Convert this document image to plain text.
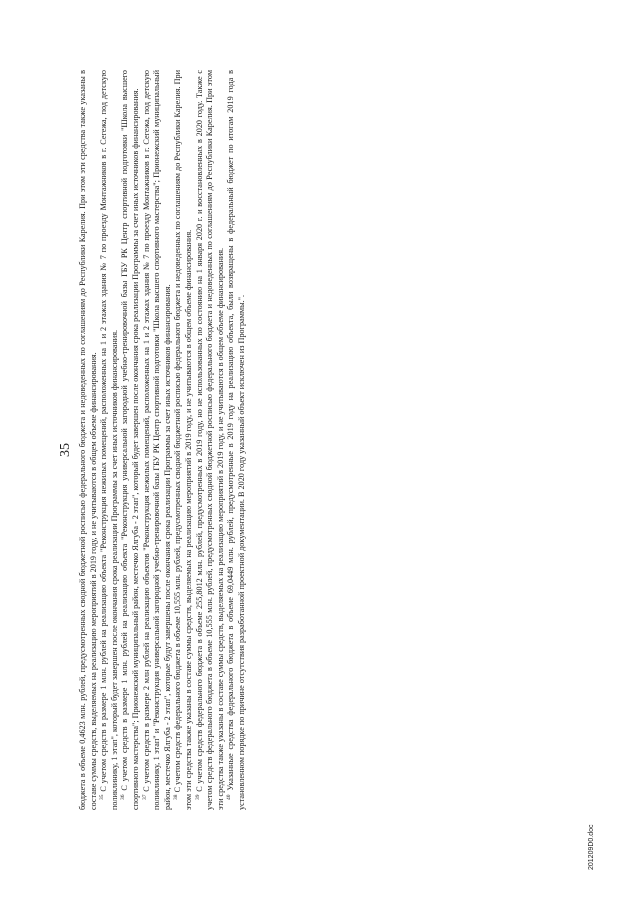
35 бюджета в объеме 0,4623 млн. рублей, предусмотренных сводной бюджетной росписью федерального бюджета и недоведенных по соглашениям до Республики Карелия. При этом эти средства также указаны в составе суммы средств, выделяемых на реализацию мероприятий в 2019 году, и не учитываются в общем объеме финансирования. $^{35}$ С учетом средств в размере 1 млн. рублей на реализацию объекта "Реконструкция нежилых помещений, расположенных на 1 и 2 этажах здания № 7 по проезду Монтажников в г. Сегежа, под детскую поликлинику, 1 этап", который будет завершен после окончания срока реализации Программы за счет иных источников финансирования. $^{36}$ С учетом средств в размере 1 млн. рублей на реализацию объекта "Реконструкция универсальной загородной учебно-тренировочной базы ГБУ РК Центр спортивной подготовки "Школа высшего спортивного мастерства"; Прионежский муниципальный район, местечко Ялгуба - 2 этап", который будет завершен после окончания срока реализации Программы за счет иных источников финансирования. $^{37}$ С учетом средств в размере 2 млн рублей на реализацию объектов "Реконструкция нежилых помещений, расположенных на 1 и 2 этажах здания № 7 по проезду Монтажников в г. Сегежа, под детскую поликлинику, 1 этап" и "Реконструкция универсальной загородной учебно-тренировочной базы ГБУ РК Центр спортивной подготовки "Школа высшего спортивного мастерства"; Прионежский муниципальный район, местечко Ялгуба - 2 этап", которые будут завершены после окончания срока реализации Программы за счет иных источников финансирования. $^{38}$ С учетом средств федерального бюджета в объеме 10,555 млн. рублей, предусмотренных сводной бюджетной росписью федерального бюджета и недоведенных по соглашениям до Республики Карелия. При этом эти средства также указаны в составе суммы средств, выделяемых на реализацию мероприятий в 2019 году, и не учитываются в общем объеме финансирования. $^{39}$ С учетом средств федерального бюджета в объеме 255,8012 млн. рублей, предусмотренных в 2019 году, но не использованных по состоянию на 1 января 2020 г. и восстановленных в 2020 году. Также с учетом средств федерального бюджета в объеме 10,555 млн. рублей, предусмотренных сводной бюджетной росписью федерального бюджета и недоведенных по соглашениям до Республики Карелия. При этом эти средства также указаны в составе суммы средств, выделяемых на реализацию мероприятий в 2019 году, и не учитываются в общем объеме финансирования. $^{40}$ Указанные средства федерального бюджета в объеме 69,0449 млн. рублей, предусмотренные в 2019 году на реализацию объекта, были возвращены в федеральный бюджет по итогам 2019 года в установленном порядке по причине отсутствия разработанной проектной документации. В 2020 году указанный объект исключен из Программы.".

201209D0.doc
